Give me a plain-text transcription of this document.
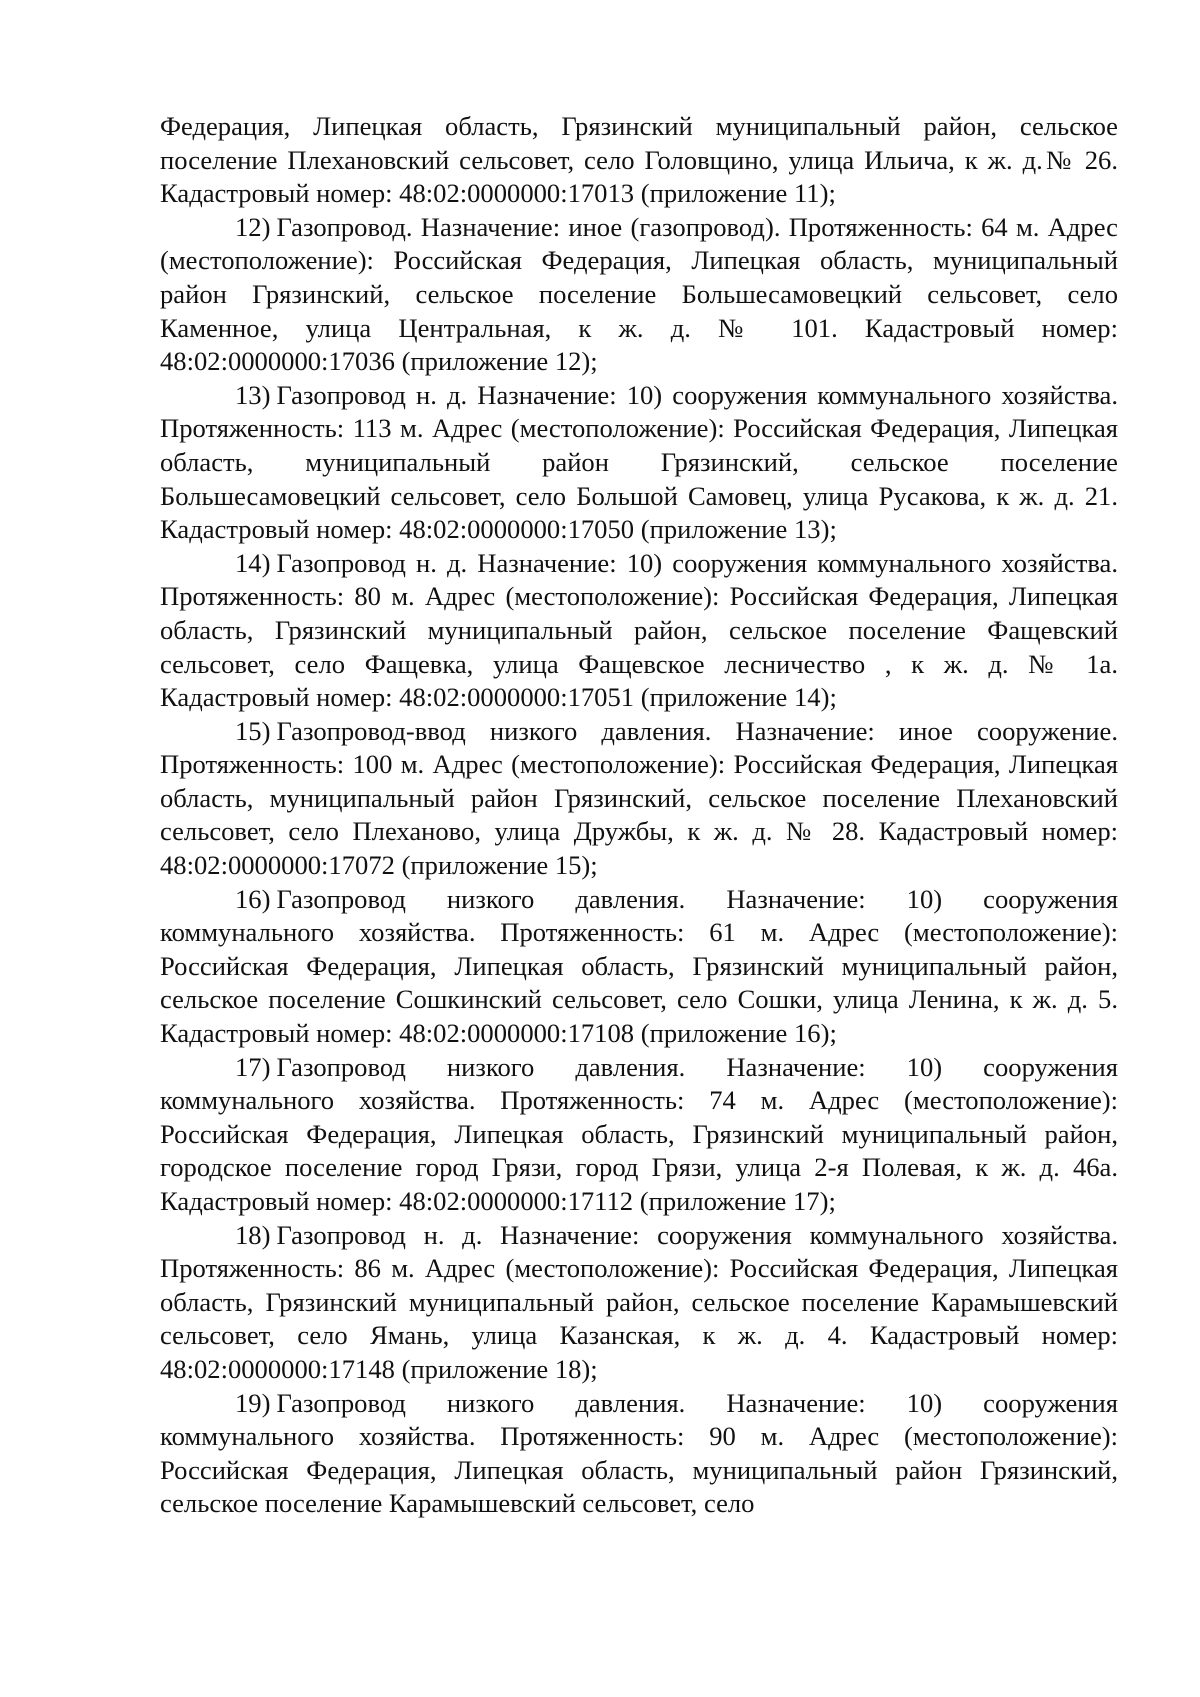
Федерация, Липецкая область, Грязинский муниципальный район, сельское поселение Плехановский сельсовет, село Головщино, улица Ильича, к ж. д.№ 26. Кадастровый номер: 48:02:0000000:17013 (приложение 11);

12) Газопровод. Назначение: иное (газопровод). Протяженность: 64 м. Адрес (местоположение): Российская Федерация, Липецкая область, муниципальный район Грязинский, сельское поселение Большесамовецкий сельсовет, село Каменное, улица Центральная, к ж. д. № 101. Кадастровый номер: 48:02:0000000:17036 (приложение 12);

13) Газопровод н. д. Назначение: 10) сооружения коммунального хозяйства. Протяженность: 113 м. Адрес (местоположение): Российская Федерация, Липецкая область, муниципальный район Грязинский, сельское поселение Большесамовецкий сельсовет, село Большой Самовец, улица Русакова, к ж. д. 21. Кадастровый номер: 48:02:0000000:17050 (приложение 13);

14) Газопровод н. д. Назначение: 10) сооружения коммунального хозяйства. Протяженность: 80 м. Адрес (местоположение): Российская Федерация, Липецкая область, Грязинский муниципальный район, сельское поселение Фащевский сельсовет, село Фащевка, улица Фащевское лесничество , к ж. д. № 1а. Кадастровый номер: 48:02:0000000:17051 (приложение 14);

15) Газопровод-ввод низкого давления. Назначение: иное сооружение. Протяженность: 100 м. Адрес (местоположение): Российская Федерация, Липецкая область, муниципальный район Грязинский, сельское поселение Плехановский сельсовет, село Плеханово, улица Дружбы, к ж. д. № 28. Кадастровый номер: 48:02:0000000:17072 (приложение 15);

16) Газопровод низкого давления. Назначение: 10) сооружения коммунального хозяйства. Протяженность: 61 м. Адрес (местоположение): Российская Федерация, Липецкая область, Грязинский муниципальный район, сельское поселение Сошкинский сельсовет, село Сошки, улица Ленина, к ж. д. 5. Кадастровый номер: 48:02:0000000:17108 (приложение 16);

17) Газопровод низкого давления. Назначение: 10) сооружения коммунального хозяйства. Протяженность: 74 м. Адрес (местоположение): Российская Федерация, Липецкая область, Грязинский муниципальный район, городское поселение город Грязи, город Грязи, улица 2-я Полевая, к ж. д. 46а. Кадастровый номер: 48:02:0000000:17112 (приложение 17);

18) Газопровод н. д. Назначение: сооружения коммунального хозяйства. Протяженность: 86 м. Адрес (местоположение): Российская Федерация, Липецкая область, Грязинский муниципальный район, сельское поселение Карамышевский сельсовет, село Ямань, улица Казанская, к ж. д. 4. Кадастровый номер: 48:02:0000000:17148 (приложение 18);

19) Газопровод низкого давления. Назначение: 10) сооружения коммунального хозяйства. Протяженность: 90 м. Адрес (местоположение): Российская Федерация, Липецкая область, муниципальный район Грязинский, сельское поселение Карамышевский сельсовет, село
